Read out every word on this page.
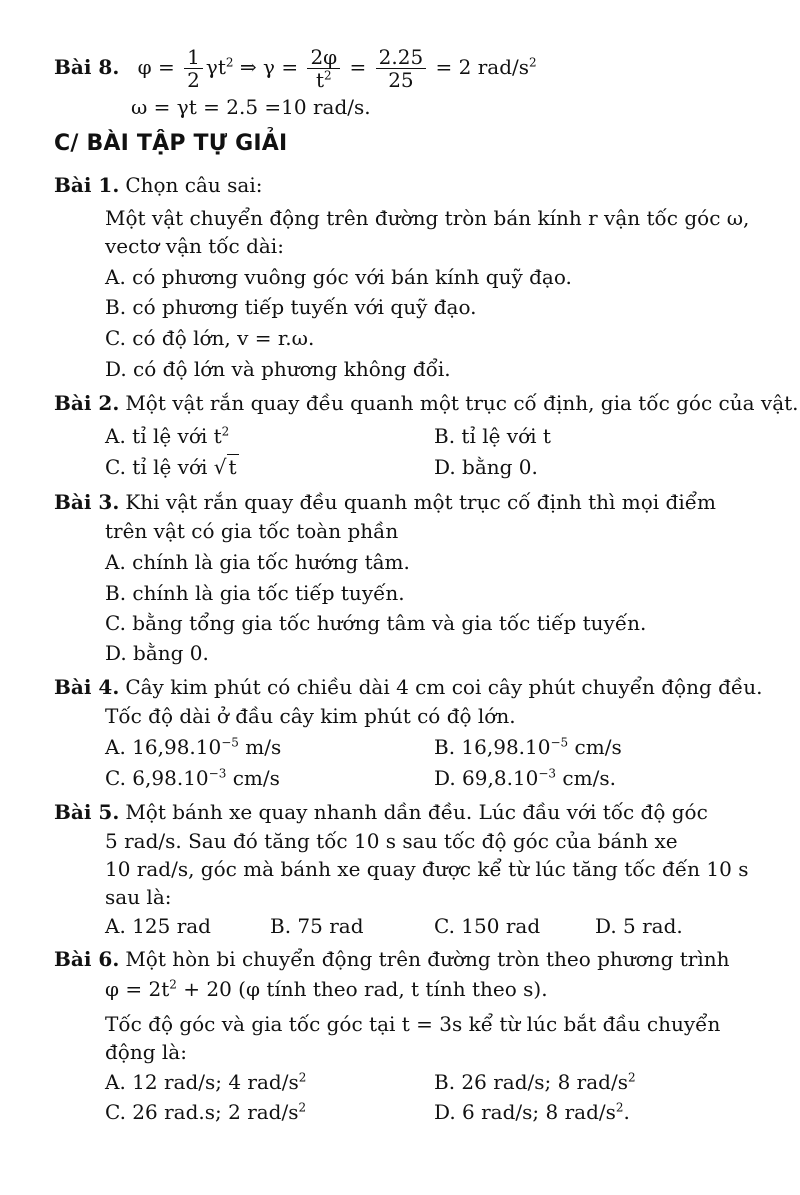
Bài 8. $\varphi = \frac{1}{2} \gamma t^2$ ⇒ $\gamma = \frac{2\varphi}{t^2} = \frac{2.25}{25} = 2$ rad/$s^2$
ω = γt = 2.5 =10 rad/s.
C/ BÀI TẬP TỰ GIẢI
Bài 1. Chọn câu sai:
Một vật chuyển động trên đường tròn bán kính r vận tốc góc ω,
vectơ vận tốc dài:
A. có phương vuông góc với bán kính quỹ đạo.
B. có phương tiếp tuyến với quỹ đạo.
C. có độ lớn, v = r.ω.
D. có độ lớn và phương không đổi.
Bài 2. Một vật rắn quay đều quanh một trục cố định, gia tốc góc của vật.
A. tỉ lệ với $t^2$	B. tỉ lệ với t
C. tỉ lệ với √ t	D. bằng 0.
Bài 3. Khi vật rắn quay đều quanh một trục cố định thì mọi điểm
trên vật có gia tốc toàn phần
A. chính là gia tốc hướng tâm.
B. chính là gia tốc tiếp tuyến.
C. bằng tổng gia tốc hướng tâm và gia tốc tiếp tuyến.
D. bằng 0.
Bài 4. Cây kim phút có chiều dài 4 cm coi cây phút chuyển động đều.
Tốc độ dài ở đầu cây kim phút có độ lớn.
A. $16,98.10^{-5}$ m/s	B. $16,98.10^{-5}$ cm/s
C. $6,98.10^{-3}$ cm/s	D. $69,8.10^{-3}$ cm/s.
Bài 5. Một bánh xe quay nhanh dần đều. Lúc đầu với tốc độ góc
5 rad/s. Sau đó tăng tốc 10 s sau tốc độ góc của bánh xe
10 rad/s, góc mà bánh xe quay được kể từ lúc tăng tốc đến 10 s
sau là:
A. 125 rad	B. 75 rad	C. 150 rad	D. 5 rad.
Bài 6. Một hòn bi chuyển động trên đường tròn theo phương trình
$\varphi = 2t^2 + 20$ (φ tính theo rad, t tính theo s).
Tốc độ góc và gia tốc góc tại t = 3s kể từ lúc bắt đầu chuyển
động là:
A. 12 rad/s; 4 rad/$s^2$	B. 26 rad/s; 8 rad/$s^2$
C. 26 rad.s; 2 rad/$s^2$	D. 6 rad/s; 8 rad/$s^2$.
